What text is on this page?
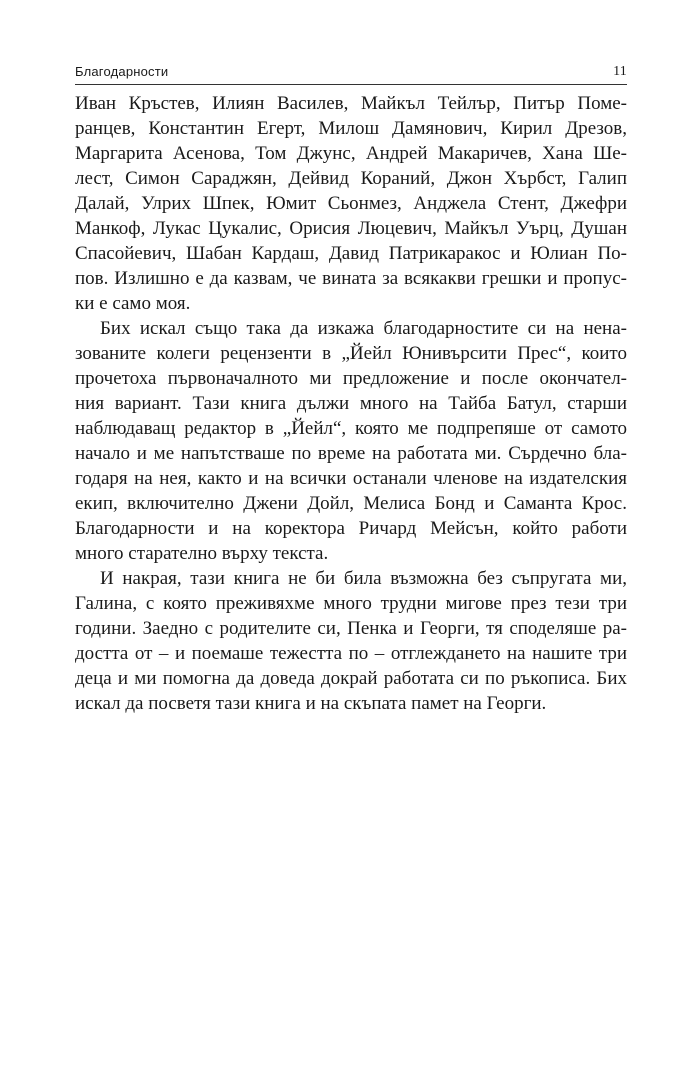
Благодарности	11
Иван Кръстев, Илиян Василев, Майкъл Тейлър, Питър Поме-
ранцев, Константин Егерт, Милош Дамянович, Кирил Дрезов,
Маргарита Асенова, Том Джунс, Андрей Макаричев, Хана Ше-
лест, Симон Сараджян, Дейвид Кораний, Джон Хърбст, Галип
Далай, Улрих Шпек, Юмит Сьонмез, Анджела Стент, Джефри
Манкоф, Лукас Цукалис, Орисия Люцевич, Майкъл Уърц, Душан
Спасойевич, Шабан Кардаш, Давид Патрикаракос и Юлиан По-
пов. Излишно е да казвам, че вината за всякакви грешки и пропус-
ки е само моя.
Бих искал също така да изкажа благодарностите си на нена-
зованите колеги рецензенти в „Йейл Юнивърсити Прес“, които
прочетоха първоначалното ми предложение и после окончател-
ния вариант. Тази книга дължи много на Тайба Батул, старши
наблюдаващ редактор в „Йейл“, която ме подпрепяше от самото
начало и ме напътстваше по време на работата ми. Сърдечно бла-
годаря на нея, както и на всички останали членове на издателския
екип, включително Джени Дойл, Мелиса Бонд и Саманта Крос.
Благодарности и на коректора Ричард Мейсън, който работи
много старателно върху текста.
И накрая, тази книга не би била възможна без съпругата ми,
Галина, с която преживяхме много трудни мигове през тези три
години. Заедно с родителите си, Пенка и Георги, тя споделяше ра-
достта от – и поемаше тежестта по – отглеждането на нашите три
деца и ми помогна да доведа докрай работата си по ръкописа. Бих
искал да посветя тази книга и на скъпата памет на Георги.
